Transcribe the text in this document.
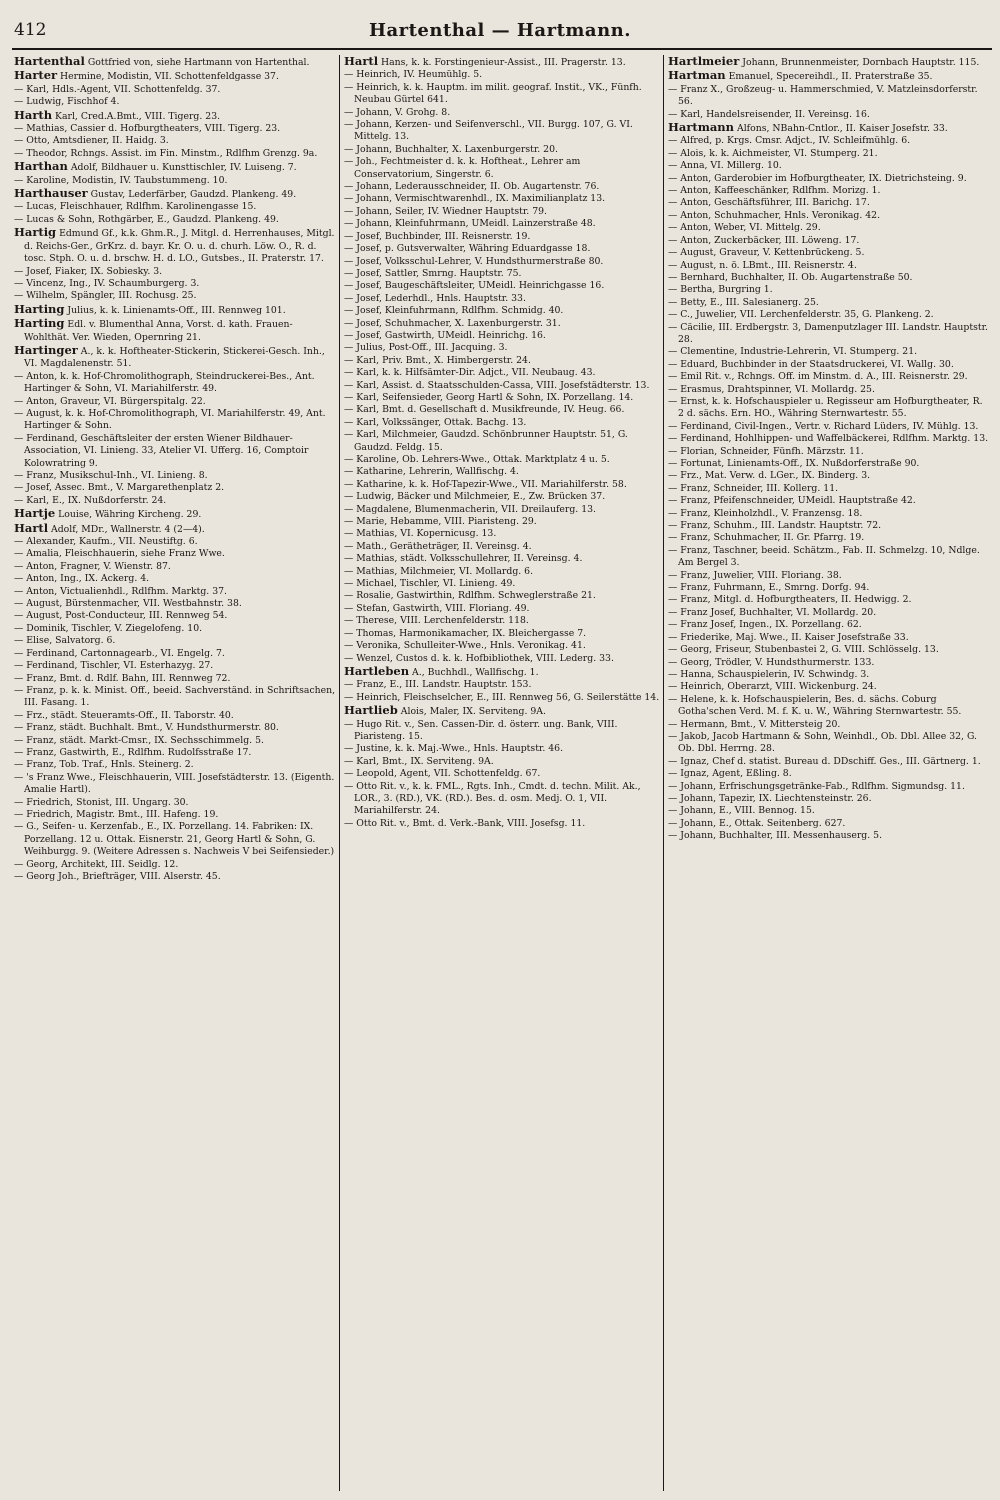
412	Hartenthal — Hartmann.
Hartenthal Gottfried von, siehe Hartmann von Hartenthal.
Harter Hermine, Modistin, VII. Schottenfeldgasse 37.
— Karl, Hdls.-Agent, VII. Schottenfeldg. 37.
— Ludwig, Fischhof 4.
Harth Karl, Cred.A.Bmt., VIII. Tigerg. 23.
— Mathias, Cassier d. Hofburgtheaters, VIII. Tigerg. 23.
— Otto, Amtsdiener, II. Haidg. 3.
— Theodor, Rchngs. Assist. im Fin. Minstm., Rdlfhm Grenzg. 9a.
Harthan Adolf, Bildhauer u. Kunsttischler, IV. Luiseng. 7.
— Karoline, Modistin, IV. Taubstummeng. 10.
Harthauser Gustav, Lederfärber, Gaudzd. Plankeng. 49.
— Lucas, Fleischhauer, Rdlfhm. Karolinengasse 15.
— Lucas & Sohn, Rothgärber, E., Gaudzd. Plankeng. 49.
Hartig Edmund Gf., k.k. Ghm.R., J. Mitgl. d. Herrenhauses, Mitgl. d. Reichs-Ger., GrKrz. d. bayr. Kr. O. u. d. churh. Löw. O., R. d. tosc. Stph. O. u. d. brschw. H. d. LO., Gutsbes., II. Praterstr. 17.
— Josef, Fiaker, IX. Sobiesky. 3.
— Vincenz, Ing., IV. Schaumburgerg. 3.
— Wilhelm, Spängler, III. Rochusg. 25.
Harting Julius, k. k. Linienamts-Off., III. Rennweg 101.
Harting Edl. v. Blumenthal Anna, Vorst. d. kath. Frauen-Wohlthät. Ver. Wieden, Opernring 21.
Hartinger A., k. k. Hoftheater-Stickerin, Stickerei-Gesch. Inh., VI. Magdalenenstr. 51.
— Anton, k. k. Hof-Chromolithograph, Steindruckerei-Bes., Ant. Hartinger & Sohn, VI. Mariahilferstr. 49.
— Anton, Graveur, VI. Bürgerspitalg. 22.
— August, k. k. Hof-Chromolithograph, VI. Mariahilferstr. 49, Ant. Hartinger & Sohn.
— Ferdinand, Geschäftsleiter der ersten Wiener Bildhauer-Association, VI. Linieng. 33, Atelier VI. Ufferg. 16, Comptoir Kolowratring 9.
— Franz, Musikschul-Inh., VI. Linieng. 8.
— Josef, Assec. Bmt., V. Margarethenplatz 2.
— Karl, E., IX. Nußdorferstr. 24.
Hartje Louise, Währing Kircheng. 29.
Hartl Adolf, MDr., Wallnerstr. 4 (2—4).
— Alexander, Kaufm., VII. Neustiftg. 6.
— Amalia, Fleischhauerin, siehe Franz Wwe.
— Anton, Fragner, V. Wienstr. 87.
— Anton, Ing., IX. Ackerg. 4.
— Anton, Victualienhdl., Rdlfhm. Marktg. 37.
— August, Bürstenmacher, VII. Westbahnstr. 38.
— August, Post-Conducteur, III. Rennweg 54.
— Dominik, Tischler, V. Ziegelofeng. 10.
— Elise, Salvatorg. 6.
— Ferdinand, Cartonnagearb., VI. Engelg. 7.
— Ferdinand, Tischler, VI. Esterhazyg. 27.
— Franz, Bmt. d. Rdlf. Bahn, III. Rennweg 72.
— Franz, p. k. k. Minist. Off., beeid. Sachverständ. in Schriftsachen, III. Fasang. 1.
— Frz., städt. Steueramts-Off., II. Taborstr. 40.
— Franz, städt. Buchhalt. Bmt., V. Hundsthurmerstr. 80.
— Franz, städt. Markt-Cmsr., IX. Sechsschimmelg. 5.
— Franz, Gastwirth, E., Rdlfhm. Rudolfsstraße 17.
— Franz, Tob. Traf., Hnls. Steinerg. 2.
— 's Franz Wwe., Fleischhauerin, VIII. Josefstädterstr. 13. (Eigenth. Amalie Hartl).
— Friedrich, Stonist, III. Ungarg. 30.
— Friedrich, Magistr. Bmt., III. Hafeng. 19.
— G., Seifen- u. Kerzenfab., E., IX. Porzellang. 14. Fabriken: IX. Porzellang. 12 u. Ottak. Eisnerstr. 21, Georg Hartl & Sohn, G. Weihburgg. 9. (Weitere Adressen s. Nachweis V bei Seifensieder.)
— Georg, Architekt, III. Seidlg. 12.
— Georg Joh., Briefträger, VIII. Alserstr. 45.
Hartl Hans, k. k. Forstingenieur-Assist., III. Pragerstr. 13.
— Heinrich, IV. Heumühlg. 5.
— Heinrich, k. k. Hauptm. im milit. geograf. Instit., VK., Fünfh. Neubau Gürtel 641.
— Johann, V. Grohg. 8.
— Johann, Kerzen- und Seifenverschl., VII. Burgg. 107, G. VI. Mittelg. 13.
— Johann, Buchhalter, X. Laxenburgerstr. 20.
— Joh., Fechtmeister d. k. k. Hoftheat., Lehrer am Conservatorium, Singerstr. 6.
— Johann, Lederausschneider, II. Ob. Augartenstr. 76.
— Johann, Vermischtwarenhdl., IX. Maximilianplatz 13.
— Johann, Seiler, IV. Wiedner Hauptstr. 79.
— Johann, Kleinfuhrmann, UMeidl. Lainzerstraße 48.
— Josef, Buchbinder, III. Reisnerstr. 19.
— Josef, p. Gutsverwalter, Währing Eduardgasse 18.
— Josef, Volksschul-Lehrer, V. Hundsthurmerstraße 80.
— Josef, Sattler, Smrng. Hauptstr. 75.
— Josef, Baugeschäftsleiter, UMeidl. Heinrichgasse 16.
— Josef, Lederhdl., Hnls. Hauptstr. 33.
— Josef, Kleinfuhrmann, Rdlfhm. Schmidg. 40.
— Josef, Schuhmacher, X. Laxenburgerstr. 31.
— Josef, Gastwirth, UMeidl. Heinrichg. 16.
— Julius, Post-Off., III. Jacquing. 3.
— Karl, Priv. Bmt., X. Himbergerstr. 24.
— Karl, k. k. Hilfsämter-Dir. Adjct., VII. Neubaug. 43.
— Karl, Assist. d. Staatsschulden-Cassa, VIII. Josefstädterstr. 13.
— Karl, Seifensieder, Georg Hartl & Sohn, IX. Porzellang. 14.
— Karl, Bmt. d. Gesellschaft d. Musikfreunde, IV. Heug. 66.
— Karl, Volkssänger, Ottak. Bachg. 13.
— Karl, Milchmeier, Gaudzd. Schönbrunner Hauptstr. 51, G. Gaudzd. Feldg. 15.
— Karoline, Ob. Lehrers-Wwe., Ottak. Marktplatz 4 u. 5.
— Katharine, Lehrerin, Wallfischg. 4.
— Katharine, k. k. Hof-Tapezir-Wwe., VII. Mariahilferstr. 58.
— Ludwig, Bäcker und Milchmeier, E., Zw. Brücken 37.
— Magdalene, Blumenmacherin, VII. Dreilauferg. 13.
— Marie, Hebamme, VIII. Piaristeng. 29.
— Mathias, VI. Kopernicusg. 13.
— Math., Gerätheträger, II. Vereinsg. 4.
— Mathias, städt. Volksschullehrer, II. Vereinsg. 4.
— Mathias, Milchmeier, VI. Mollardg. 6.
— Michael, Tischler, VI. Linieng. 49.
— Rosalie, Gastwirthin, Rdlfhm. Schweglerstraße 21.
— Stefan, Gastwirth, VIII. Floriang. 49.
— Therese, VIII. Lerchenfelderstr. 118.
— Thomas, Harmonikamacher, IX. Bleichergasse 7.
— Veronika, Schulleiter-Wwe., Hnls. Veronikag. 41.
— Wenzel, Custos d. k. k. Hofbibliothek, VIII. Lederg. 33.
Hartleben A., Buchhdl., Wallfischg. 1.
— Franz, E., III. Landstr. Hauptstr. 153.
— Heinrich, Fleischselcher, E., III. Rennweg 56, G. Seilerstätte 14.
Hartlieb Alois, Maler, IX. Serviteng. 9A.
— Hugo Rit. v., Sen. Cassen-Dir. d. österr. ung. Bank, VIII. Piaristeng. 15.
— Justine, k. k. Maj.-Wwe., Hnls. Hauptstr. 46.
— Karl, Bmt., IX. Serviteng. 9A.
— Leopold, Agent, VII. Schottenfeldg. 67.
— Otto Rit. v., k. k. FML., Rgts. Inh., Cmdt. d. techn. Milit. Ak., LOR., 3. (RD.), VK. (RD.). Bes. d. osm. Medj. O. 1, VII. Mariahilferstr. 24.
— Otto Rit. v., Bmt. d. Verk.-Bank, VIII. Josefsg. 11.
Hartlmeier Johann, Brunnenmeister, Dornbach Hauptstr. 115.
Hartman Emanuel, Specereihdl., II. Praterstraße 35.
— Franz X., Großzeug- u. Hammerschmied, V. Matzleinsdorferstr. 56.
— Karl, Handelsreisender, II. Vereinsg. 16.
Hartmann Alfons, NBahn-Cntlor., II. Kaiser Josefstr. 33.
— Alfred, p. Krgs. Cmsr. Adjct., IV. Schleifmühlg. 6.
— Alois, k. k. Aichmeister, VI. Stumperg. 21.
— Anna, VI. Millerg. 10.
— Anton, Garderobier im Hofburgtheater, IX. Dietrichsteing. 9.
— Anton, Kaffeeschänker, Rdlfhm. Morizg. 1.
— Anton, Geschäftsführer, III. Barichg. 17.
— Anton, Schuhmacher, Hnls. Veronikag. 42.
— Anton, Weber, VI. Mittelg. 29.
— Anton, Zuckerbäcker, III. Löweng. 17.
— August, Graveur, V. Kettenbrückeng. 5.
— August, n. ö. LBmt., III. Reisnerstr. 4.
— Bernhard, Buchhalter, II. Ob. Augartenstraße 50.
— Bertha, Burgring 1.
— Betty, E., III. Salesianerg. 25.
— C., Juwelier, VII. Lerchenfelderstr. 35, G. Plankeng. 2.
— Cäcilie, III. Erdbergstr. 3, Damenputzlager III. Landstr. Hauptstr. 28.
— Clementine, Industrie-Lehrerin, VI. Stumperg. 21.
— Eduard, Buchbinder in der Staatsdruckerei, VI. Wallg. 30.
— Emil Rit. v., Rchngs. Off. im Minstm. d. A., III. Reisnerstr. 29.
— Erasmus, Drahtspinner, VI. Mollardg. 25.
— Ernst, k. k. Hofschauspieler u. Regisseur am Hofburgtheater, R. 2 d. sächs. Ern. HO., Währing Sternwartestr. 55.
— Ferdinand, Civil-Ingen., Vertr. v. Richard Lüders, IV. Mühlg. 13.
— Ferdinand, Hohlhippen- und Waffelbäckerei, Rdlfhm. Marktg. 13.
— Florian, Schneider, Fünfh. Märzstr. 11.
— Fortunat, Linienamts-Off., IX. Nußdorferstraße 90.
— Frz., Mat. Verw. d. LGer., IX. Binderg. 3.
— Franz, Schneider, III. Kollerg. 11.
— Franz, Pfeifenschneider, UMeidl. Hauptstraße 42.
— Franz, Kleinholzhdl., V. Franzensg. 18.
— Franz, Schuhm., III. Landstr. Hauptstr. 72.
— Franz, Schuhmacher, II. Gr. Pfarrg. 19.
— Franz, Taschner, beeid. Schätzm., Fab. II. Schmelzg. 10, Ndlge. Am Bergel 3.
— Franz, Juwelier, VIII. Floriang. 38.
— Franz, Fuhrmann, E., Smrng. Dorfg. 94.
— Franz, Mitgl. d. Hofburgtheaters, II. Hedwigg. 2.
— Franz Josef, Buchhalter, VI. Mollardg. 20.
— Franz Josef, Ingen., IX. Porzellang. 62.
— Friederike, Maj. Wwe., II. Kaiser Josefstraße 33.
— Georg, Friseur, Stubenbastei 2, G. VIII. Schlösselg. 13.
— Georg, Trödler, V. Hundsthurmerstr. 133.
— Hanna, Schauspielerin, IV. Schwindg. 3.
— Heinrich, Oberarzt, VIII. Wickenburg. 24.
— Helene, k. k. Hofschauspielerin, Bes. d. sächs. Coburg Gotha'schen Verd. M. f. K. u. W., Währing Sternwartestr. 55.
— Hermann, Bmt., V. Mittersteig 20.
— Jakob, Jacob Hartmann & Sohn, Weinhdl., Ob. Dbl. Allee 32, G. Ob. Dbl. Herrng. 28.
— Ignaz, Chef d. statist. Bureau d. DDschiff. Ges., III. Gärtnerg. 1.
— Ignaz, Agent, Eßling. 8.
— Johann, Erfrischungsgetränke-Fab., Rdlfhm. Sigmundsg. 11.
— Johann, Tapezir, IX. Liechtensteinstr. 26.
— Johann, E., VIII. Bennog. 15.
— Johann, E., Ottak. Seitenberg. 627.
— Johann, Buchhalter, III. Messenhauserg. 5.
